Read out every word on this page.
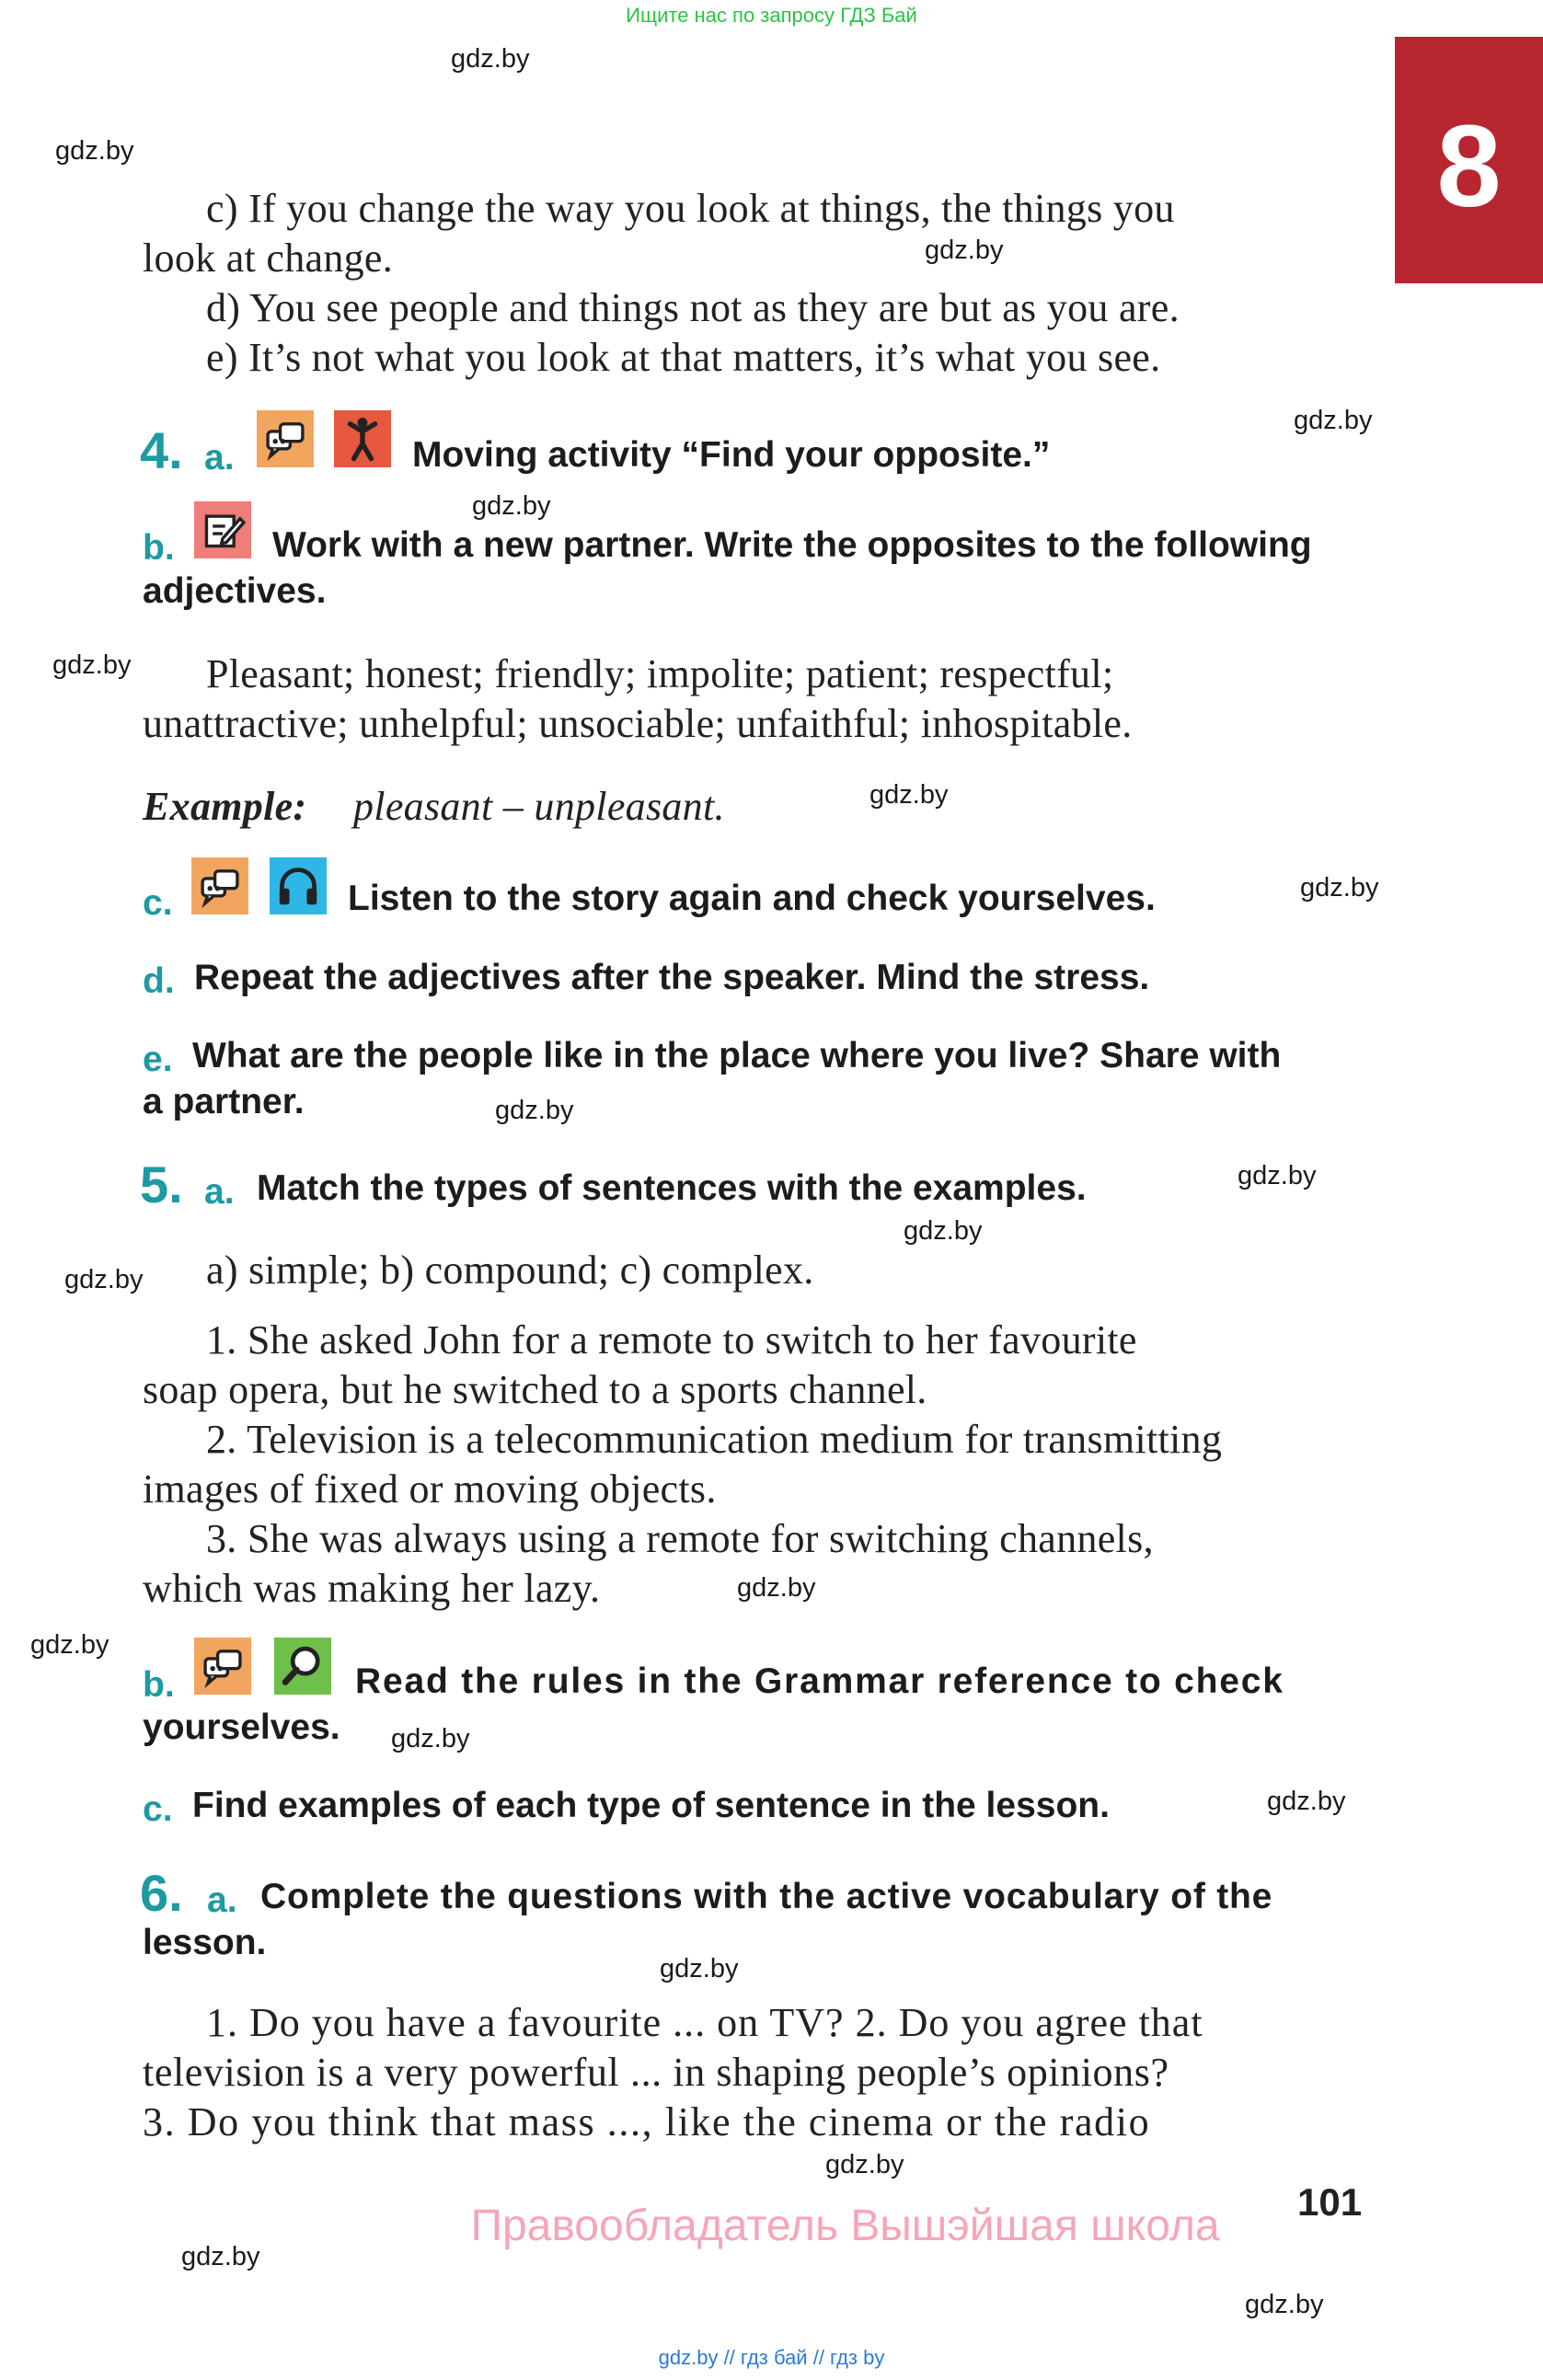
Ищите нас по запросу ГДЗ Бай
8
gdz.by
gdz.by
gdz.by
gdz.by
gdz.by
gdz.by
gdz.by
gdz.by
gdz.by
gdz.by
gdz.by
gdz.by
gdz.by
gdz.by
gdz.by
gdz.by
gdz.by
gdz.by
gdz.by
gdz.by
c) If you change the way you look at things, the things you
look at change.
d) You see people and things not as they are but as you are.
e) It’s not what you look at that matters, it’s what you see.
4. a.	Moving activity “Find your opposite.”
b.	Work with a new partner. Write the opposites to the following
adjectives.
Pleasant; honest; friendly; impolite; patient; respectful;
unattractive; unhelpful; unsociable; unfaithful; inhospitable.
Example: pleasant – unpleasant.
c.	Listen to the story again and check yourselves.
d. Repeat the adjectives after the speaker. Mind the stress.
e. What are the people like in the place where you live? Share with
a partner.
5. a. Match the types of sentences with the examples.
a) simple; b) compound; c) complex.
1. She asked John for a remote to switch to her favourite
soap opera, but he switched to a sports channel.
2. Television is a telecommunication medium for transmitting
images of fixed or moving objects.
3. She was always using a remote for switching channels,
which was making her lazy.
b.	Read the rules in the Grammar reference to check
yourselves.
c. Find examples of each type of sentence in the lesson.
6. a. Complete the questions with the active vocabulary of the
lesson.
1. Do you have a favourite ... on TV? 2. Do you agree that
television is a very powerful ... in shaping people’s opinions?
3. Do you think that mass ..., like the cinema or the radio
101
Правообладатель Вышэйшая школа
gdz.by // гдз бай // гдз by
